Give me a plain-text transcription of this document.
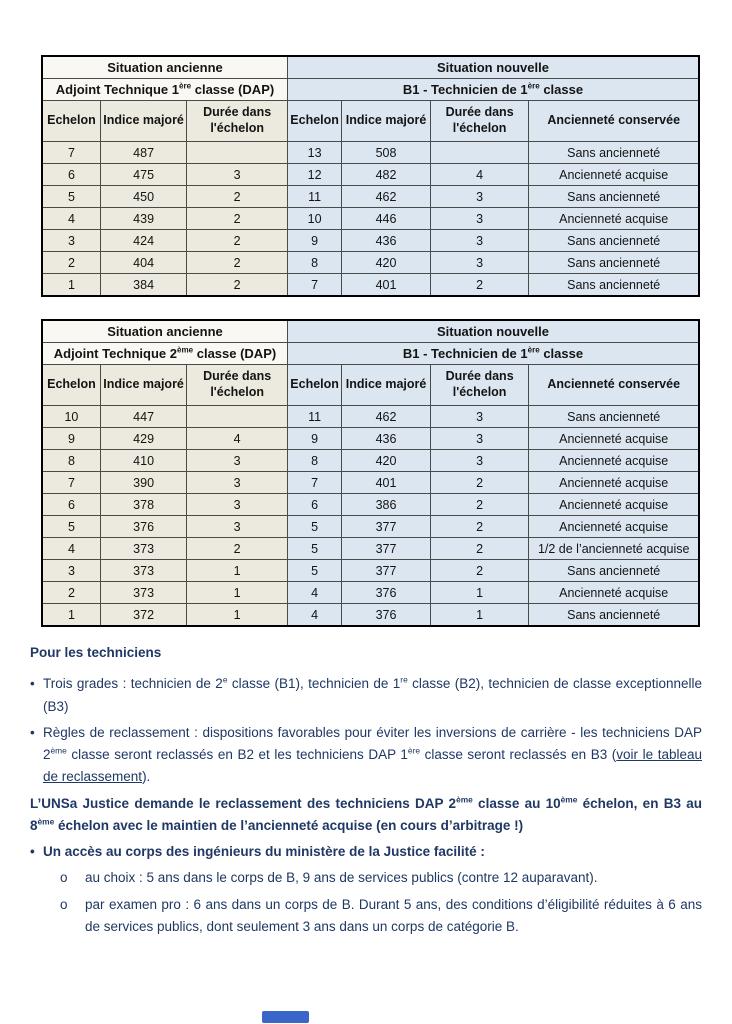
Situation ancienne			Situation nouvelle			
Adjoint Technique 1ère classe (DAP)			B1 - Technicien de 1ère classe			
Echelon	Indice majoré	Durée dans l'échelon	Echelon	Indice majoré	Durée dans l'échelon	Ancienneté conservée
7	487		13	508		Sans ancienneté
6	475	3	12	482	4	Ancienneté acquise
5	450	2	11	462	3	Sans ancienneté
4	439	2	10	446	3	Ancienneté acquise
3	424	2	9	436	3	Sans ancienneté
2	404	2	8	420	3	Sans ancienneté
1	384	2	7	401	2	Sans ancienneté
Situation ancienne			Situation nouvelle			
Adjoint Technique 2ème classe (DAP)			B1 - Technicien de 1ère classe			
Echelon	Indice majoré	Durée dans l'échelon	Echelon	Indice majoré	Durée dans l'échelon	Ancienneté conservée
10	447		11	462	3	Sans ancienneté
9	429	4	9	436	3	Ancienneté acquise
8	410	3	8	420	3	Ancienneté acquise
7	390	3	7	401	2	Ancienneté acquise
6	378	3	6	386	2	Ancienneté acquise
5	376	3	5	377	2	Ancienneté acquise
4	373	2	5	377	2	1/2 de l’ancienneté acquise
3	373	1	5	377	2	Sans ancienneté
2	373	1	4	376	1	Ancienneté acquise
1	372	1	4	376	1	Sans ancienneté
Pour les techniciens
• Trois grades : technicien de 2e classe (B1), technicien de 1re classe (B2), technicien de classe exceptionnelle (B3)

• Règles de reclassement : dispositions favorables pour éviter les inversions de carrière - les techniciens DAP 2ème classe seront reclassés en B2 et les techniciens DAP 1ère classe seront reclassés en B3 (voir le tableau de reclassement).

L’UNSa Justice demande le reclassement des techniciens DAP 2ème classe au 10ème échelon, en B3 au 8ème échelon avec le maintien de l’ancienneté acquise (en cours d’arbitrage !)

• Un accès au corps des ingénieurs du ministère de la Justice facilité :

o	au choix : 5 ans dans le corps de B, 9 ans de services publics (contre 12 auparavant).

o	par examen pro : 6 ans dans un corps de B. Durant 5 ans, des conditions d’éligibilité réduites à 6 ans de services publics, dont seulement 3 ans dans un corps de catégorie B.
